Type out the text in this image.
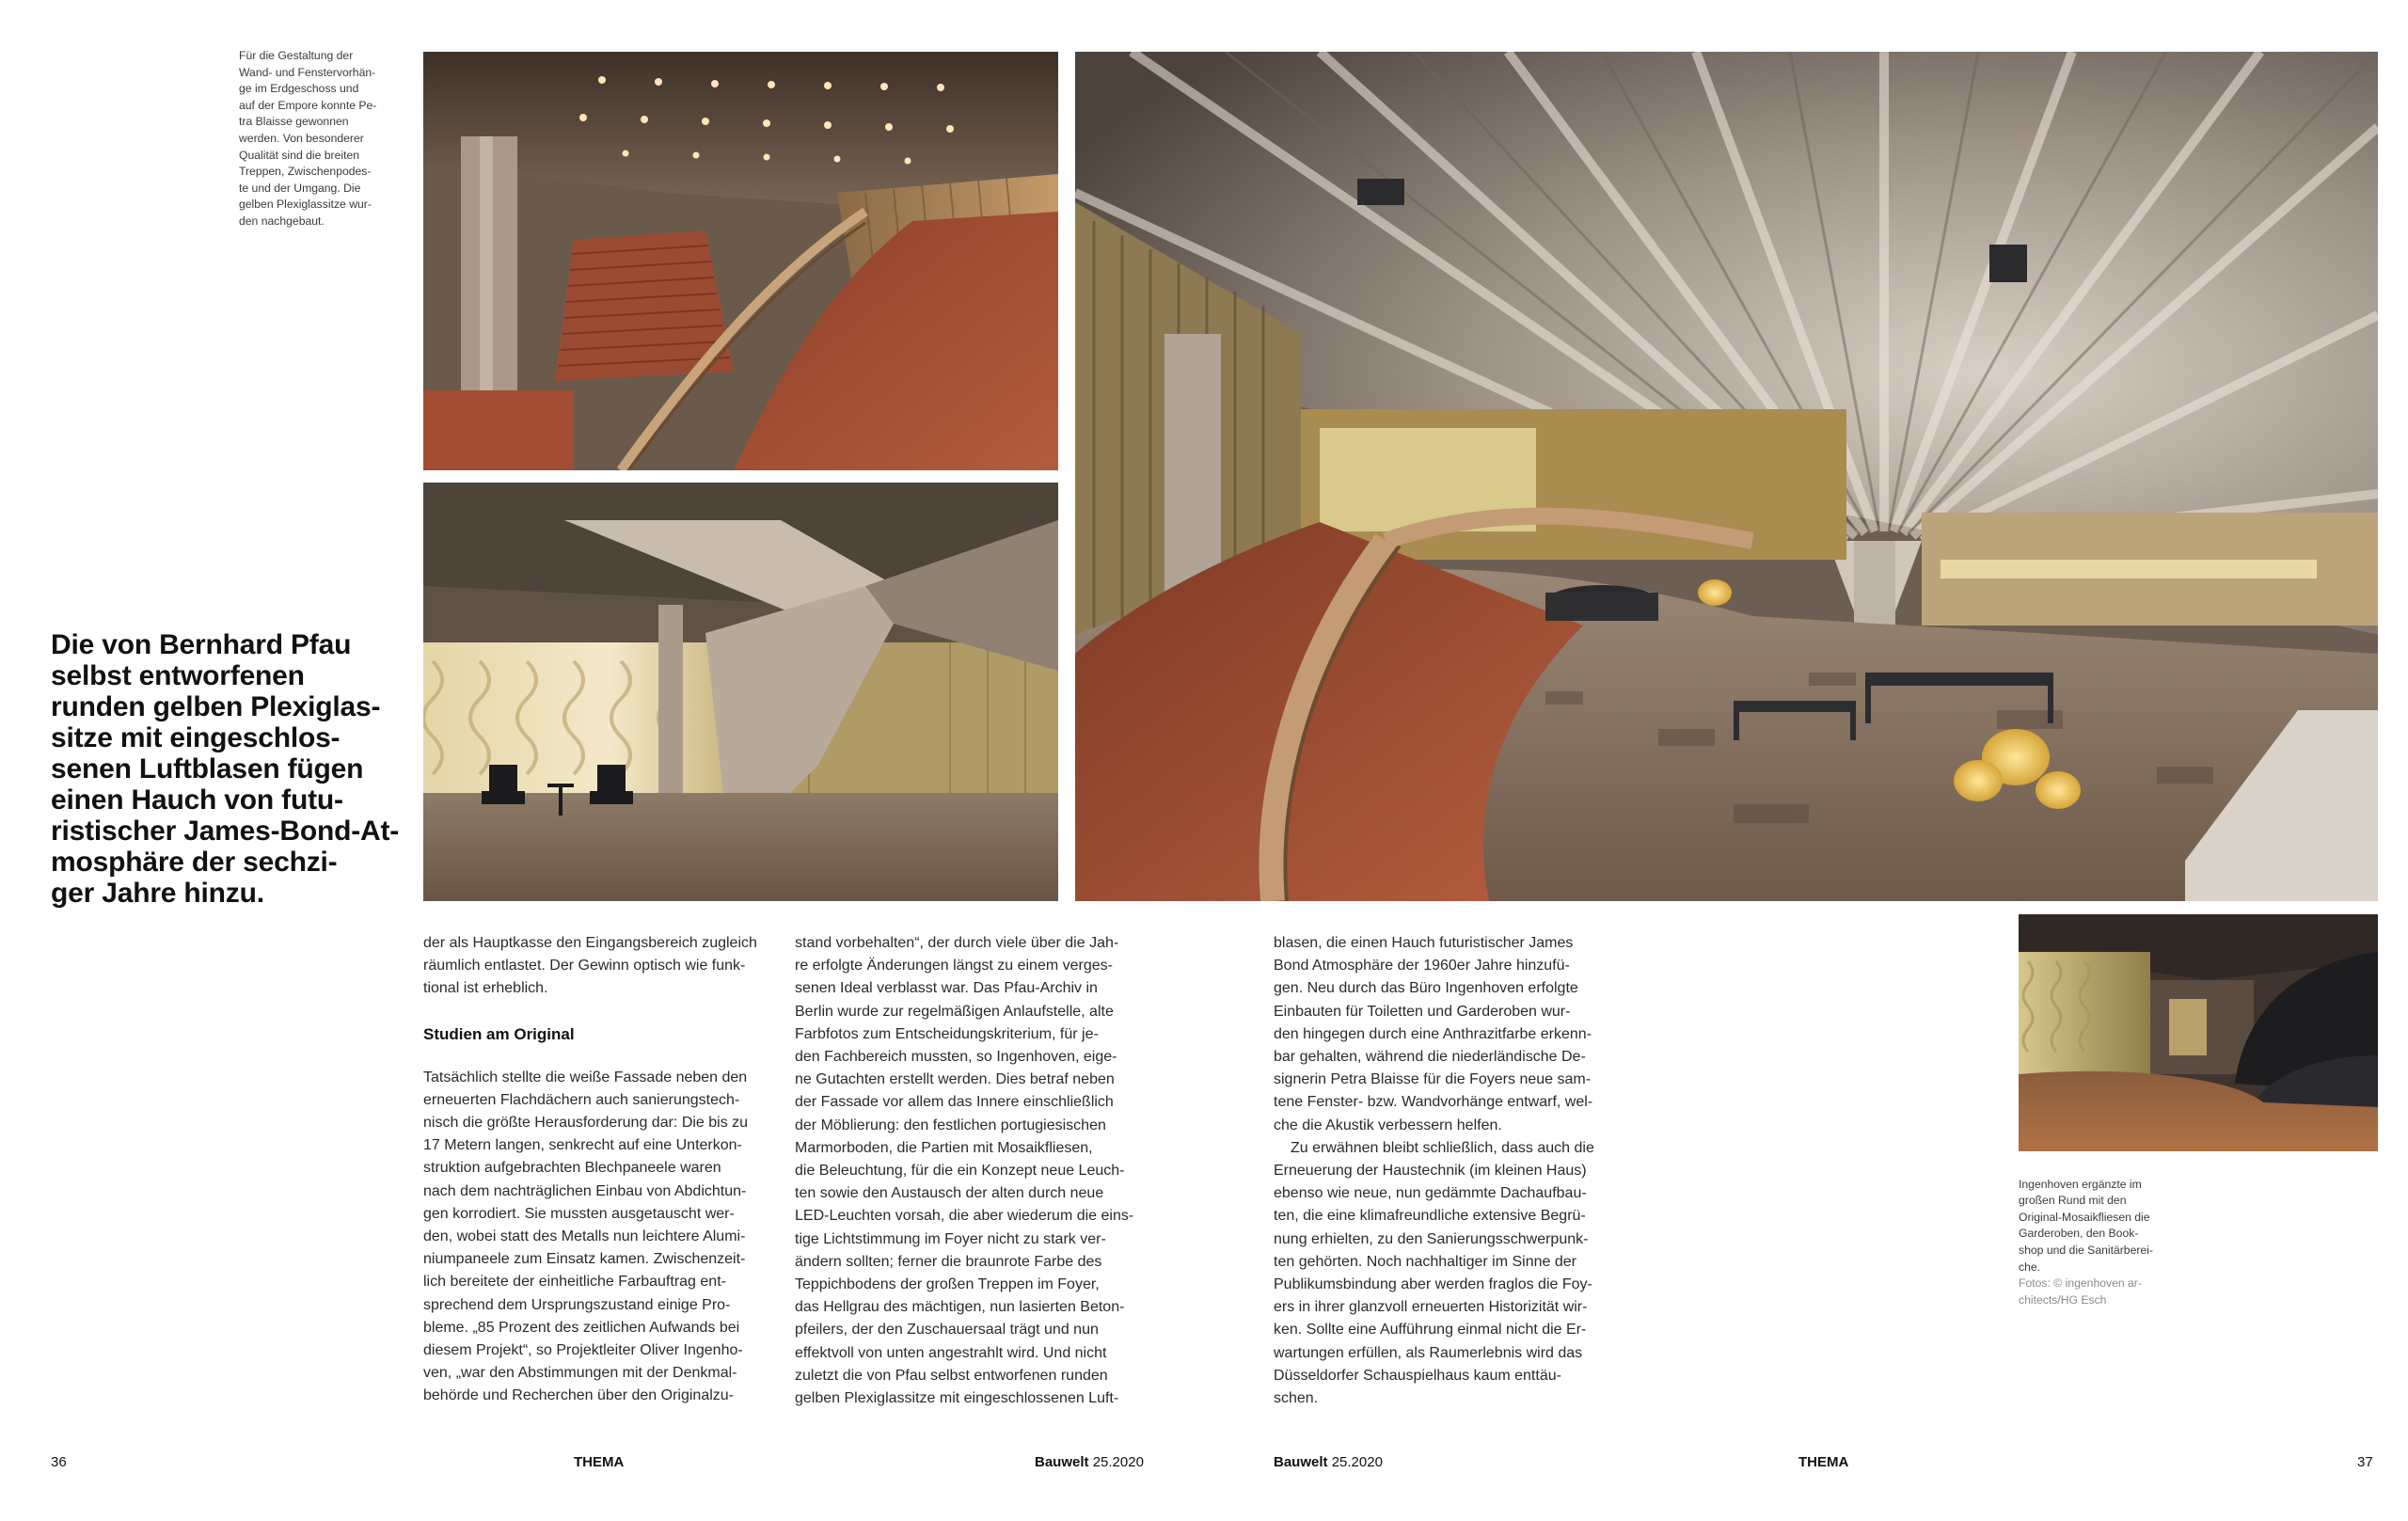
Für die Gestaltung der
Wand- und Fenstervorhän-
ge im Erdgeschoss und
auf der Empore konnte Pe-
tra Blaisse gewonnen
werden. Von besonderer
Qualität sind die breiten
Treppen, Zwischenpodes-
te und der Umgang. Die
gelben Plexiglassitze wur-
den nachgebaut.
Die von Bernhard Pfau
selbst entworfenen
runden gelben Plexiglas-
sitze mit eingeschlos-
senen Luftblasen fügen
einen Hauch von futu-
ristischer James-Bond-At-
mosphäre der sechzi-
ger Jahre hinzu.

der als Hauptkasse den Eingangsbereich zugleich
räumlich entlastet. Der Gewinn optisch wie funk-
tional ist erheblich.

Studien am Original

Tatsächlich stellte die weiße Fassade neben den
erneuerten Flachdächern auch sanierungstech-
nisch die größte Herausforderung dar: Die bis zu
17 Metern langen, senkrecht auf eine Unterkon-
struktion aufgebrachten Blechpaneele waren
nach dem nachträglichen Einbau von Abdichtun-
gen korrodiert. Sie mussten ausgetauscht wer-
den, wobei statt des Metalls nun leichtere Alumi-
niumpaneele zum Einsatz kamen. Zwischenzeit-
lich bereitete der einheitliche Farbauftrag ent-
sprechend dem Ursprungszustand einige Pro-
bleme. „85 Prozent des zeitlichen Aufwands bei
diesem Projekt“, so Projektleiter Oliver Ingenho-
ven, „war den Abstimmungen mit der Denkmal-
behörde und Recherchen über den Originalzu-

stand vorbehalten“, der durch viele über die Jah-
re erfolgte Änderungen längst zu einem verges-
senen Ideal verblasst war. Das Pfau-Archiv in
Berlin wurde zur regelmäßigen Anlaufstelle, alte
Farbfotos zum Entscheidungskriterium, für je-
den Fachbereich mussten, so Ingenhoven, eige-
ne Gutachten erstellt werden. Dies betraf neben
der Fassade vor allem das Innere einschließlich
der Möblierung: den festlichen portugiesischen
Marmorboden, die Partien mit Mosaikfliesen,
die Beleuchtung, für die ein Konzept neue Leuch-
ten sowie den Austausch der alten durch neue
LED-Leuchten vorsah, die aber wiederum die eins-
tige Lichtstimmung im Foyer nicht zu stark ver-
ändern sollten; ferner die braunrote Farbe des
Teppichbodens der großen Treppen im Foyer,
das Hellgrau des mächtigen, nun lasierten Beton-
pfeilers, der den Zuschauersaal trägt und nun
effektvoll von unten angestrahlt wird. Und nicht
zuletzt die von Pfau selbst entworfenen runden
gelben Plexiglassitze mit eingeschlossenen Luft-

36	THEMA	Bauwelt 25.2020

blasen, die einen Hauch futuristischer James
Bond Atmosphäre der 1960er Jahre hinzufü-
gen. Neu durch das Büro Ingenhoven erfolgte
Einbauten für Toiletten und Garderoben wur-
den hingegen durch eine Anthrazitfarbe erkenn-
bar gehalten, während die niederländische De-
signerin Petra Blaisse für die Foyers neue sam-
tene Fenster- bzw. Wandvorhänge entwarf, wel-
che die Akustik verbessern helfen.

Zu erwähnen bleibt schließlich, dass auch die
Erneuerung der Haustechnik (im kleinen Haus)
ebenso wie neue, nun gedämmte Dachaufbau-
ten, die eine klimafreundliche extensive Begrü-
nung erhielten, zu den Sanierungsschwerpunk-
ten gehörten. Noch nachhaltiger im Sinne der
Publikumsbindung aber werden fraglos die Foy-
ers in ihrer glanzvoll erneuerten Historizität wir-
ken. Sollte eine Aufführung einmal nicht die Er-
wartungen erfüllen, als Raumerlebnis wird das
Düsseldorfer Schauspielhaus kaum enttäu-
schen.

Ingenhoven ergänzte im
großen Rund mit den
Original-Mosaikfliesen die
Garderoben, den Book-
shop und die Sanitärberei-
che.

Fotos: © ingenhoven ar-
chitects/HG Esch

Bauwelt 25.2020	THEMA	37
